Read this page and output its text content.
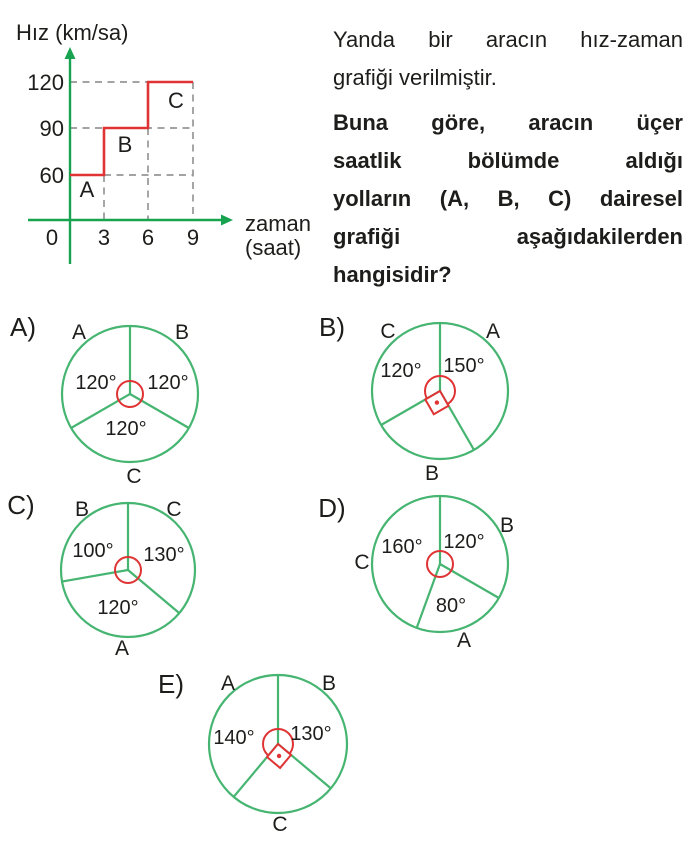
120
90
60
0 3 6 9
Hız (km/sa)
zaman
(saat)
A
B
C
A) A	B
C
120° 120°
120°
B) C	A
B
120° 150°
C) B	C
A
100° 130°
120°
D)
C
B
A
160° 120°
80°
E) A	B
C
140° 130°

Yanda bir aracın hız-zaman
grafiği verilmiştir.

Buna göre, aracın üçer
saatlik bölümde aldığı
yolların (A, B, C) dairesel
grafiği aşağıdakilerden
hangisidir?
